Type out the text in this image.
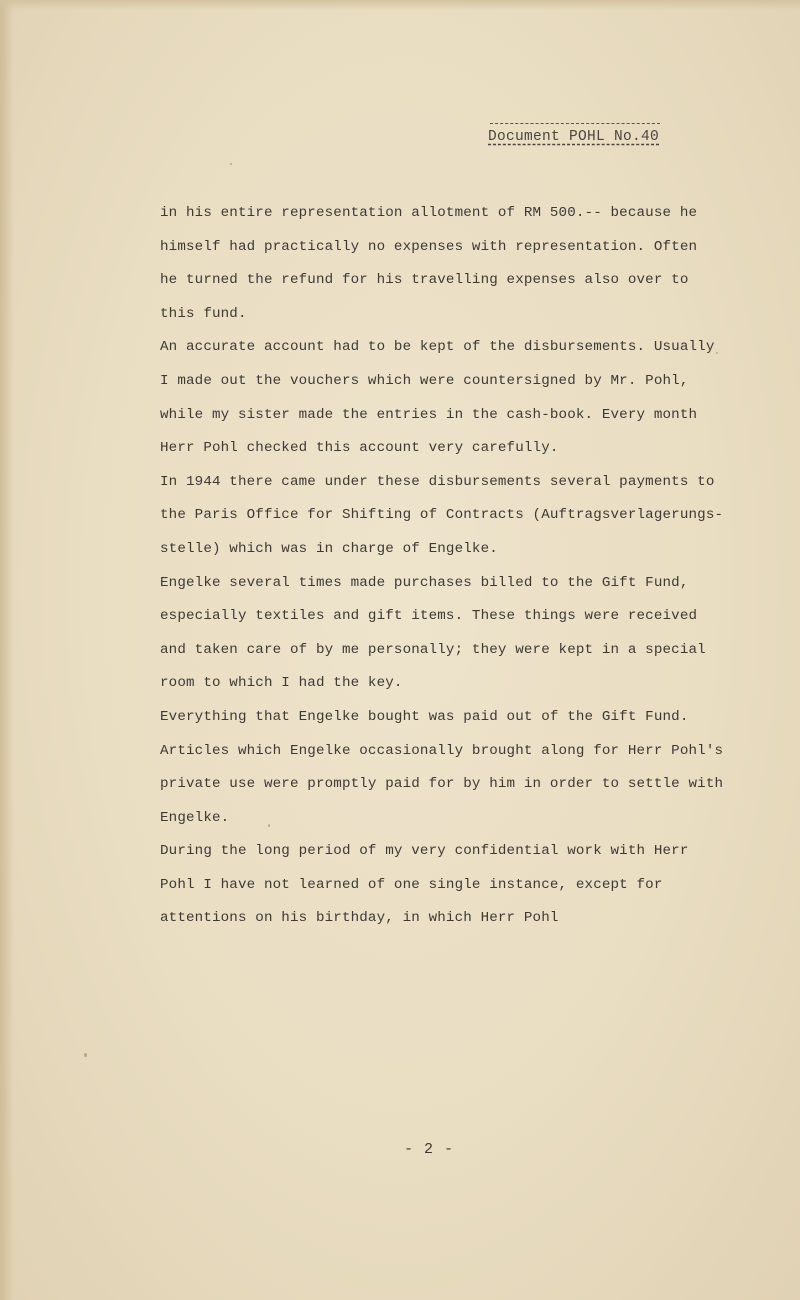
Document POHL No.40
in his entire representation allotment of RM 500.-- because he
himself had practically no expenses with representation. Often
he turned the refund for his travelling expenses also over to
this fund.
An accurate account had to be kept of the disbursements. Usually
I made out the vouchers which were countersigned by Mr. Pohl,
while my sister made the entries in the cash-book. Every month
Herr Pohl checked this account very carefully.
In 1944 there came under these disbursements several payments to
the Paris Office for Shifting of Contracts (Auftragsverlagerungs-
stelle) which was in charge of Engelke.
Engelke several times made purchases billed to the Gift Fund,
especially textiles and gift items. These things were received
and taken care of by me personally; they were kept in a special
room to which I had the key.
Everything that Engelke bought was paid out of the Gift Fund.
Articles which Engelke occasionally brought along for Herr Pohl's
private use were promptly paid for by him in order to settle with
Engelke.
During the long period of my very confidential work with Herr
Pohl I have not learned of one single instance, except for
attentions on his birthday, in which Herr Pohl
- 2 -
